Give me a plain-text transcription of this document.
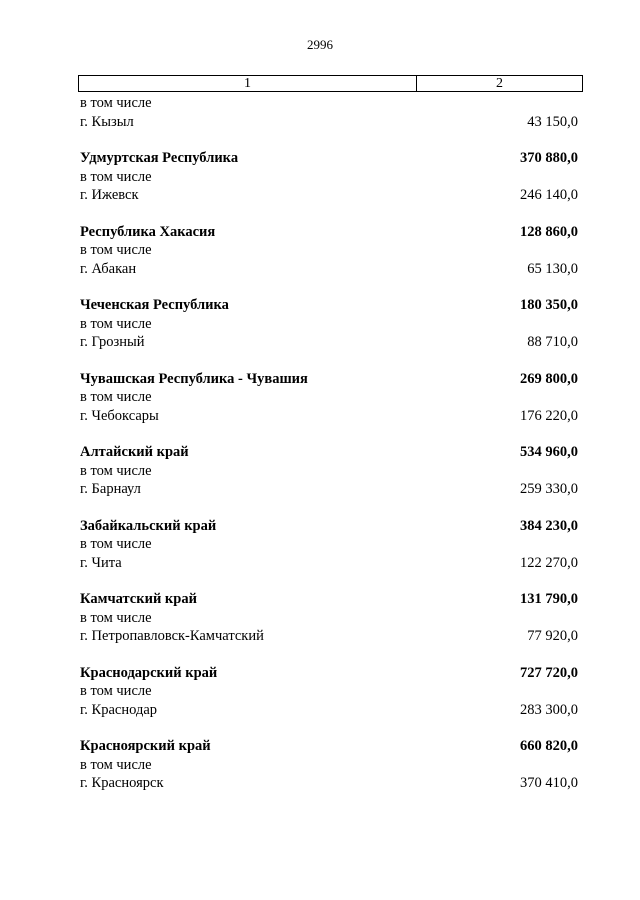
2996
1	2
в том числе
г. Кызыл	43 150,0
Удмуртская Республика	370 880,0
в том числе
г. Ижевск	246 140,0
Республика Хакасия	128 860,0
в том числе
г. Абакан	65 130,0
Чеченская Республика	180 350,0
в том числе
г. Грозный	88 710,0
Чувашская Республика - Чувашия	269 800,0
в том числе
г. Чебоксары	176 220,0
Алтайский край	534 960,0
в том числе
г. Барнаул	259 330,0
Забайкальский край	384 230,0
в том числе
г. Чита	122 270,0
Камчатский край	131 790,0
в том числе
г. Петропавловск-Камчатский	77 920,0
Краснодарский край	727 720,0
в том числе
г. Краснодар	283 300,0
Красноярский край	660 820,0
в том числе
г. Красноярск	370 410,0
